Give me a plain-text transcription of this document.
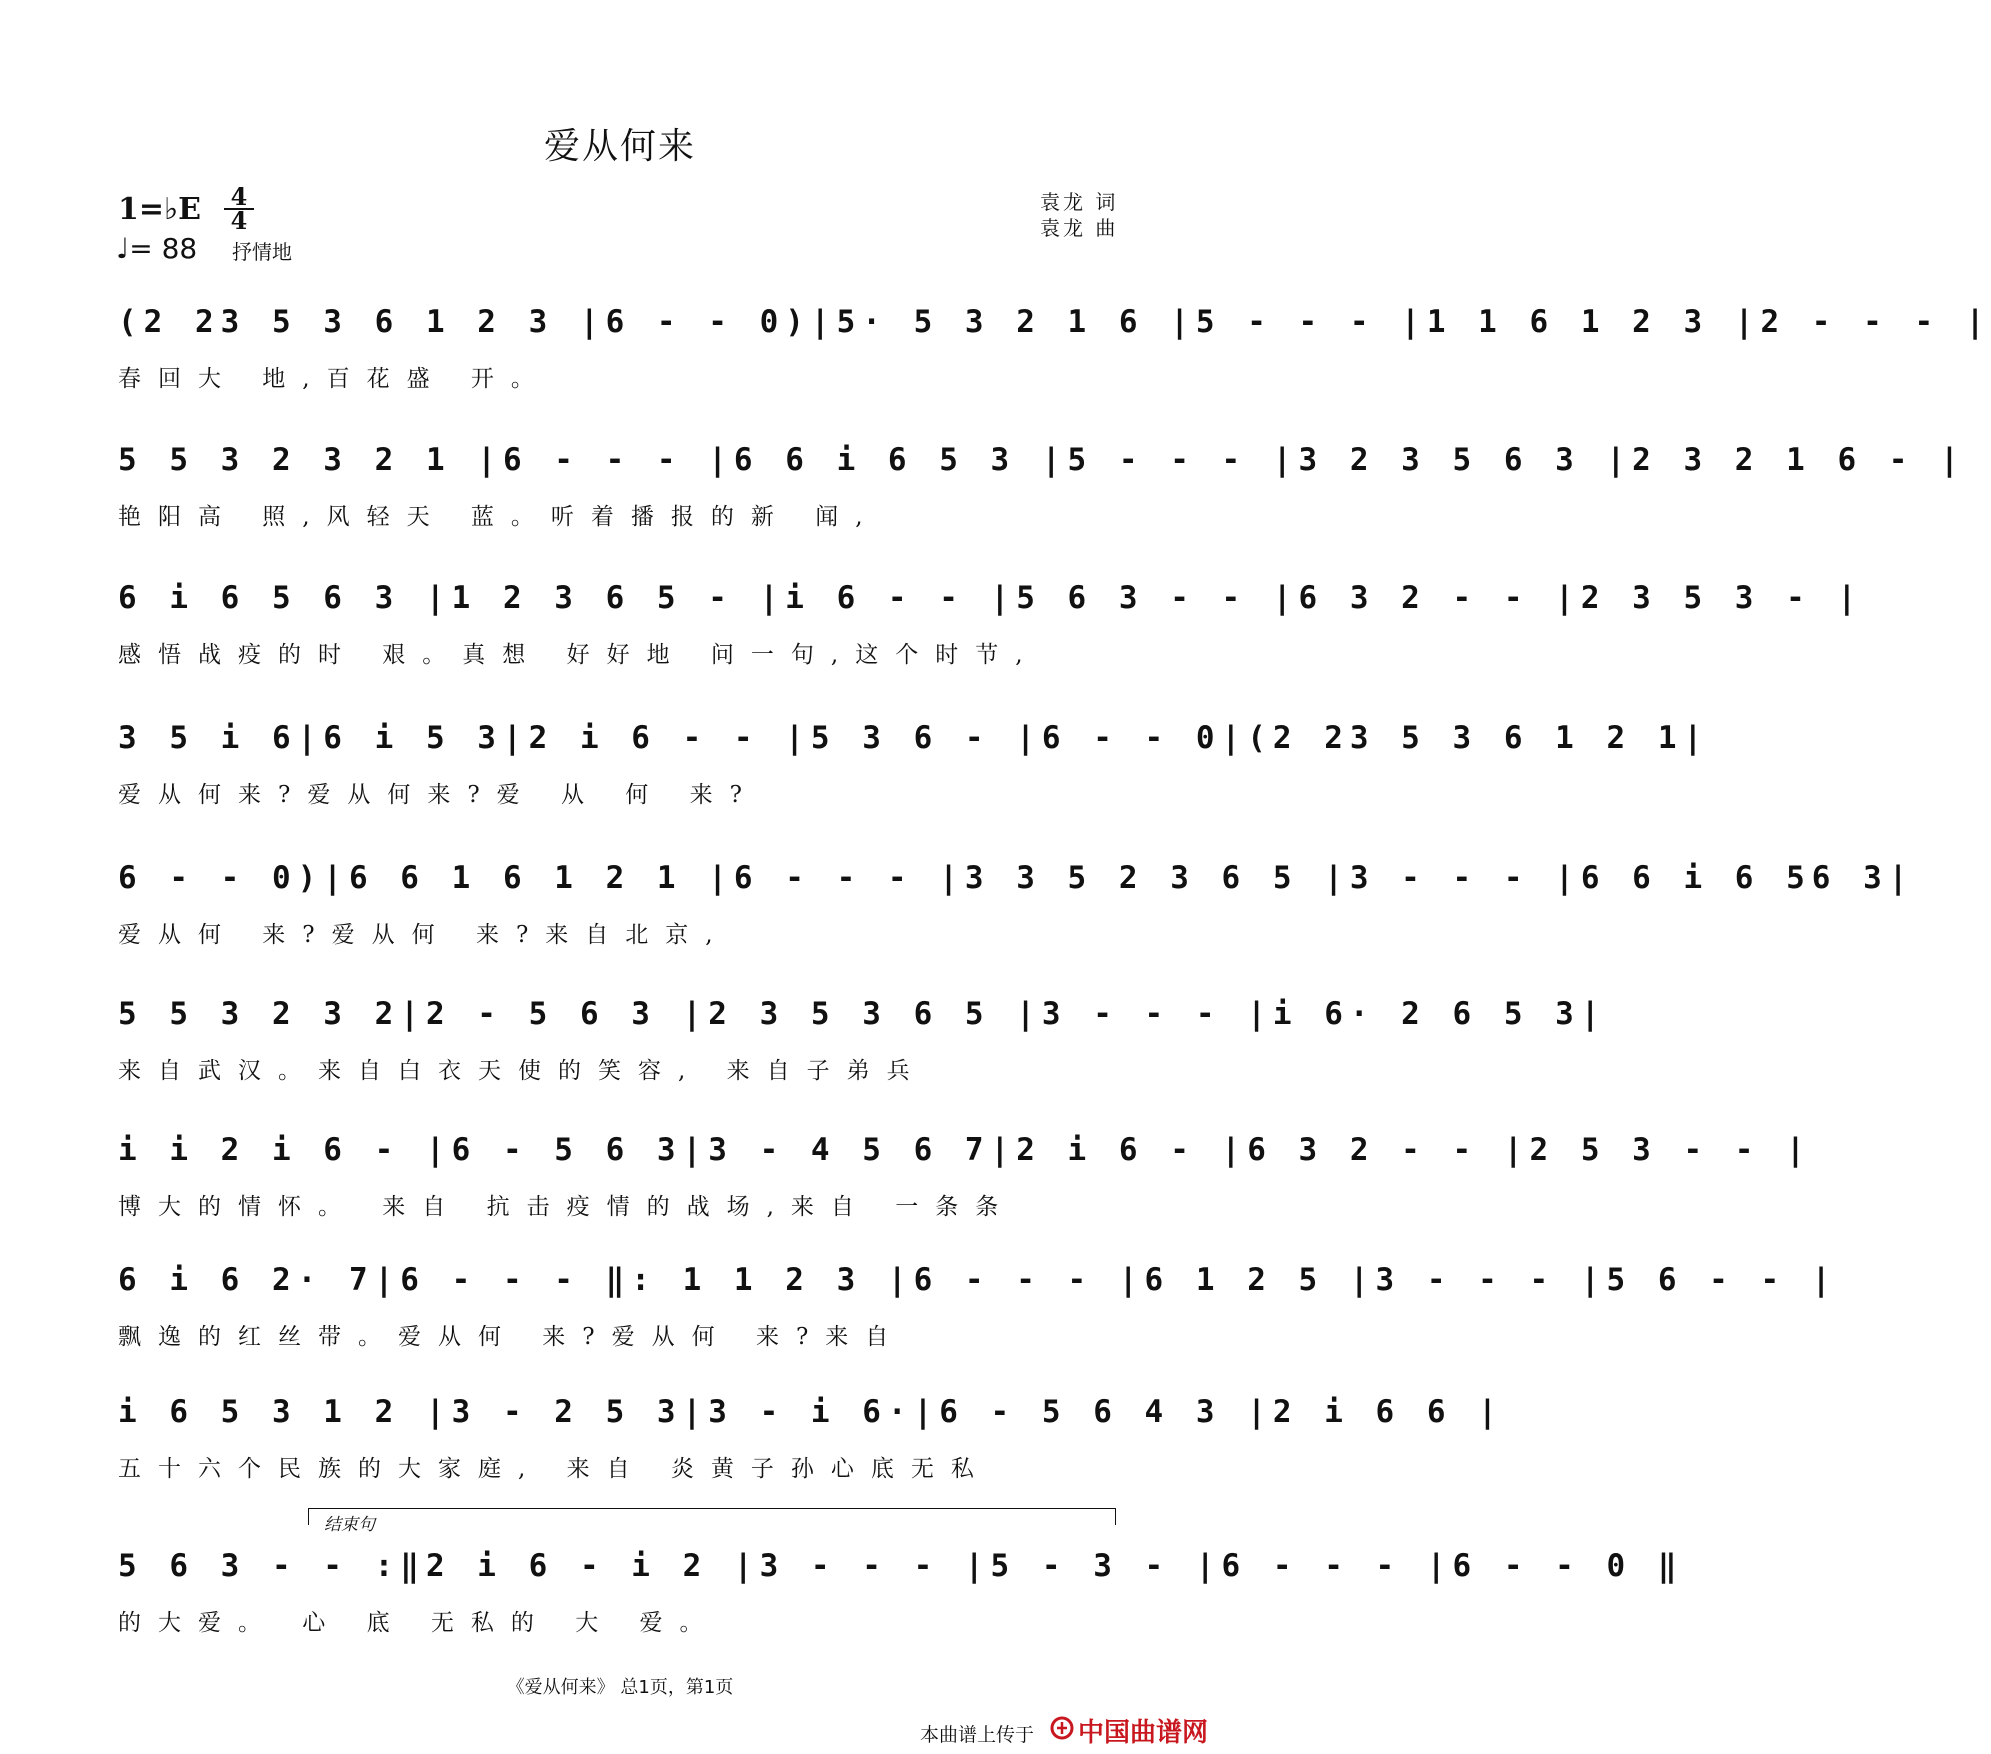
爱从何来
1=♭E 4
4
♩= 88 抒情地
袁龙 词
袁龙 曲
(2 23 5 3 6 1 2 3 |6 - - 0)|5· 5 3 2 1 6 |5 - - - |1 1 6 1 2 3 |2 - - - |
春回大 地,百花盛 开。
5 5 3 2 3 2 1 |6 - - - |6 6 i 6 5 3 |5 - - - |3 2 3 5 6 3 |2 3 2 1 6 - |
艳阳高 照,风轻天 蓝。听着播报的新 闻,
6 i 6 5 6 3 |1 2 3 6 5 - |i 6 - - |5 6 3 - - |6 3 2 - - |2 3 5 3 - |
感悟战疫的时 艰。真想 好好地 问一句,这个时节,
3 5 i 6|6 i 5 3|2 i 6 - - |5 3 6 - |6 - - 0|(2 23 5 3 6 1 2 1|
爱从何来?爱从何来?爱 从 何 来?
6 - - 0)|6 6 1 6 1 2 1 |6 - - - |3 3 5 2 3 6 5 |3 - - - |6 6 i 6 56 3|
爱从何 来?爱从何 来?来自北京,
5 5 3 2 3 2|2 - 5 6 3 |2 3 5 3 6 5 |3 - - - |i 6· 2 6 5 3|
来自武汉。来自白衣天使的笑容, 来自子弟兵
i i 2 i 6 - |6 - 5 6 3|3 - 4 5 6 7|2 i 6 - |6 3 2 - - |2 5 3 - - |
博大的情怀。 来自 抗击疫情的战场,来自 一条条
6 i 6 2· 7|6 - - - ‖: 1 1 2 3 |6 - - - |6 1 2 5 |3 - - - |5 6 - - |
飘逸的红丝带。爱从何 来?爱从何 来?来自
i 6 5 3 1 2 |3 - 2 5 3|3 - i 6·|6 - 5 6 4 3 |2 i 6 6 |
五十六个民族的大家庭, 来自 炎黄子孙心底无私
结束句
5 6 3 - - :‖2 i 6 - i 2 |3 - - - |5 - 3 - |6 - - - |6 - - 0 ‖
的大爱。 心 底 无私的 大 爱。
《爱从何来》 总1页，第1页
本曲谱上传于 中国曲谱网
